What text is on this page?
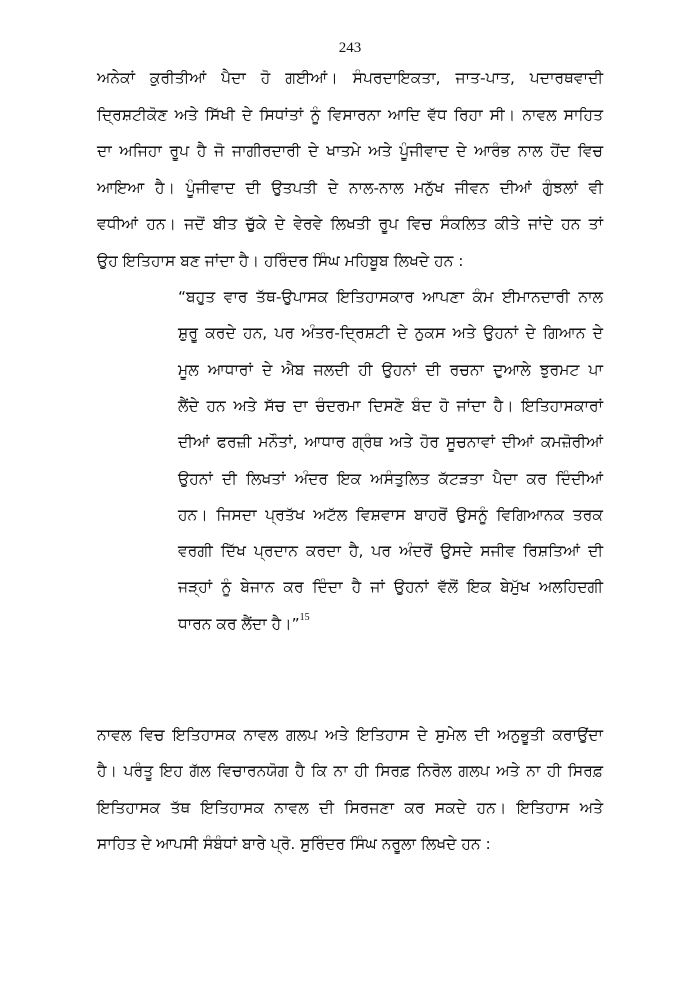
243
ਅਨੇਕਾਂ ਕੁਰੀਤੀਆਂ ਪੈਦਾ ਹੋ ਗਈਆਂ। ਸੰਪਰਦਾਇਕਤਾ, ਜਾਤ-ਪਾਤ, ਪਦਾਰਥਵਾਦੀ
ਦ੍ਰਿਸ਼ਟੀਕੋਣ ਅਤੇ ਸਿੱਖੀ ਦੇ ਸਿਧਾਂਤਾਂ ਨੂੰ ਵਿਸਾਰਨਾ ਆਦਿ ਵੱਧ ਰਿਹਾ ਸੀ। ਨਾਵਲ ਸਾਹਿਤ
ਦਾ ਅਜਿਹਾ ਰੂਪ ਹੈ ਜੋ ਜਾਗੀਰਦਾਰੀ ਦੇ ਖਾਤਮੇ ਅਤੇ ਪੂੰਜੀਵਾਦ ਦੇ ਆਰੰਭ ਨਾਲ ਹੋਂਦ ਵਿਚ
ਆਇਆ ਹੈ। ਪੂੰਜੀਵਾਦ ਦੀ ਉਤਪਤੀ ਦੇ ਨਾਲ-ਨਾਲ ਮਨੁੱਖ ਜੀਵਨ ਦੀਆਂ ਗੁੰਝਲਾਂ ਵੀ
ਵਧੀਆਂ ਹਨ। ਜਦੋਂ ਬੀਤ ਚੁੱਕੇ ਦੇ ਵੇਰਵੇ ਲਿਖਤੀ ਰੂਪ ਵਿਚ ਸੰਕਲਿਤ ਕੀਤੇ ਜਾਂਦੇ ਹਨ ਤਾਂ
ਉਹ ਇਤਿਹਾਸ ਬਣ ਜਾਂਦਾ ਹੈ। ਹਰਿੰਦਰ ਸਿੰਘ ਮਹਿਬੂਬ ਲਿਖਦੇ ਹਨ :
“ਬਹੁਤ ਵਾਰ ਤੱਥ-ਉਪਾਸਕ ਇਤਿਹਾਸਕਾਰ ਆਪਣਾ ਕੰਮ ਈਮਾਨਦਾਰੀ ਨਾਲ
ਸ਼ੁਰੂ ਕਰਦੇ ਹਨ, ਪਰ ਅੰਤਰ-ਦ੍ਰਿਸ਼ਟੀ ਦੇ ਨੁਕਸ ਅਤੇ ਉਹਨਾਂ ਦੇ ਗਿਆਨ ਦੇ
ਮੂਲ ਆਧਾਰਾਂ ਦੇ ਐਬ ਜਲਦੀ ਹੀ ਉਹਨਾਂ ਦੀ ਰਚਨਾ ਦੁਆਲੇ ਝੁਰਮਟ ਪਾ
ਲੈਂਦੇ ਹਨ ਅਤੇ ਸੱਚ ਦਾ ਚੰਦਰਮਾ ਦਿਸਣੋ ਬੰਦ ਹੋ ਜਾਂਦਾ ਹੈ। ਇਤਿਹਾਸਕਾਰਾਂ
ਦੀਆਂ ਫਰਜ਼ੀ ਮਨੌਤਾਂ, ਆਧਾਰ ਗ੍ਰੰਥ ਅਤੇ ਹੋਰ ਸੂਚਨਾਵਾਂ ਦੀਆਂ ਕਮਜ਼ੋਰੀਆਂ
ਉਹਨਾਂ ਦੀ ਲਿਖਤਾਂ ਅੰਦਰ ਇਕ ਅਸੰਤੁਲਿਤ ਕੱਟੜਤਾ ਪੈਦਾ ਕਰ ਦਿੰਦੀਆਂ
ਹਨ। ਜਿਸਦਾ ਪ੍ਰਤੱਖ ਅਟੱਲ ਵਿਸ਼ਵਾਸ ਬਾਹਰੋਂ ਉਸਨੂੰ ਵਿਗਿਆਨਕ ਤਰਕ
ਵਰਗੀ ਦਿੱਖ ਪ੍ਰਦਾਨ ਕਰਦਾ ਹੈ, ਪਰ ਅੰਦਰੋਂ ਉਸਦੇ ਸਜੀਵ ਰਿਸ਼ਤਿਆਂ ਦੀ
ਜੜ੍ਹਾਂ ਨੂੰ ਬੇਜਾਨ ਕਰ ਦਿੰਦਾ ਹੈ ਜਾਂ ਉਹਨਾਂ ਵੱਲੋਂ ਇਕ ਬੇਮੁੱਖ ਅਲਹਿਦਗੀ
ਧਾਰਨ ਕਰ ਲੈਂਦਾ ਹੈ।”$^{15}$
ਨਾਵਲ ਵਿਚ ਇਤਿਹਾਸਕ ਨਾਵਲ ਗਲਪ ਅਤੇ ਇਤਿਹਾਸ ਦੇ ਸੁਮੇਲ ਦੀ ਅਨੁਭੂਤੀ ਕਰਾਉਂਦਾ
ਹੈ। ਪਰੰਤੂ ਇਹ ਗੱਲ ਵਿਚਾਰਨਯੋਗ ਹੈ ਕਿ ਨਾ ਹੀ ਸਿਰਫ਼ ਨਿਰੋਲ ਗਲਪ ਅਤੇ ਨਾ ਹੀ ਸਿਰਫ਼
ਇਤਿਹਾਸਕ ਤੱਥ ਇਤਿਹਾਸਕ ਨਾਵਲ ਦੀ ਸਿਰਜਣਾ ਕਰ ਸਕਦੇ ਹਨ। ਇਤਿਹਾਸ ਅਤੇ
ਸਾਹਿਤ ਦੇ ਆਪਸੀ ਸੰਬੰਧਾਂ ਬਾਰੇ ਪ੍ਰੋ. ਸੁਰਿੰਦਰ ਸਿੰਘ ਨਰੂਲਾ ਲਿਖਦੇ ਹਨ :
